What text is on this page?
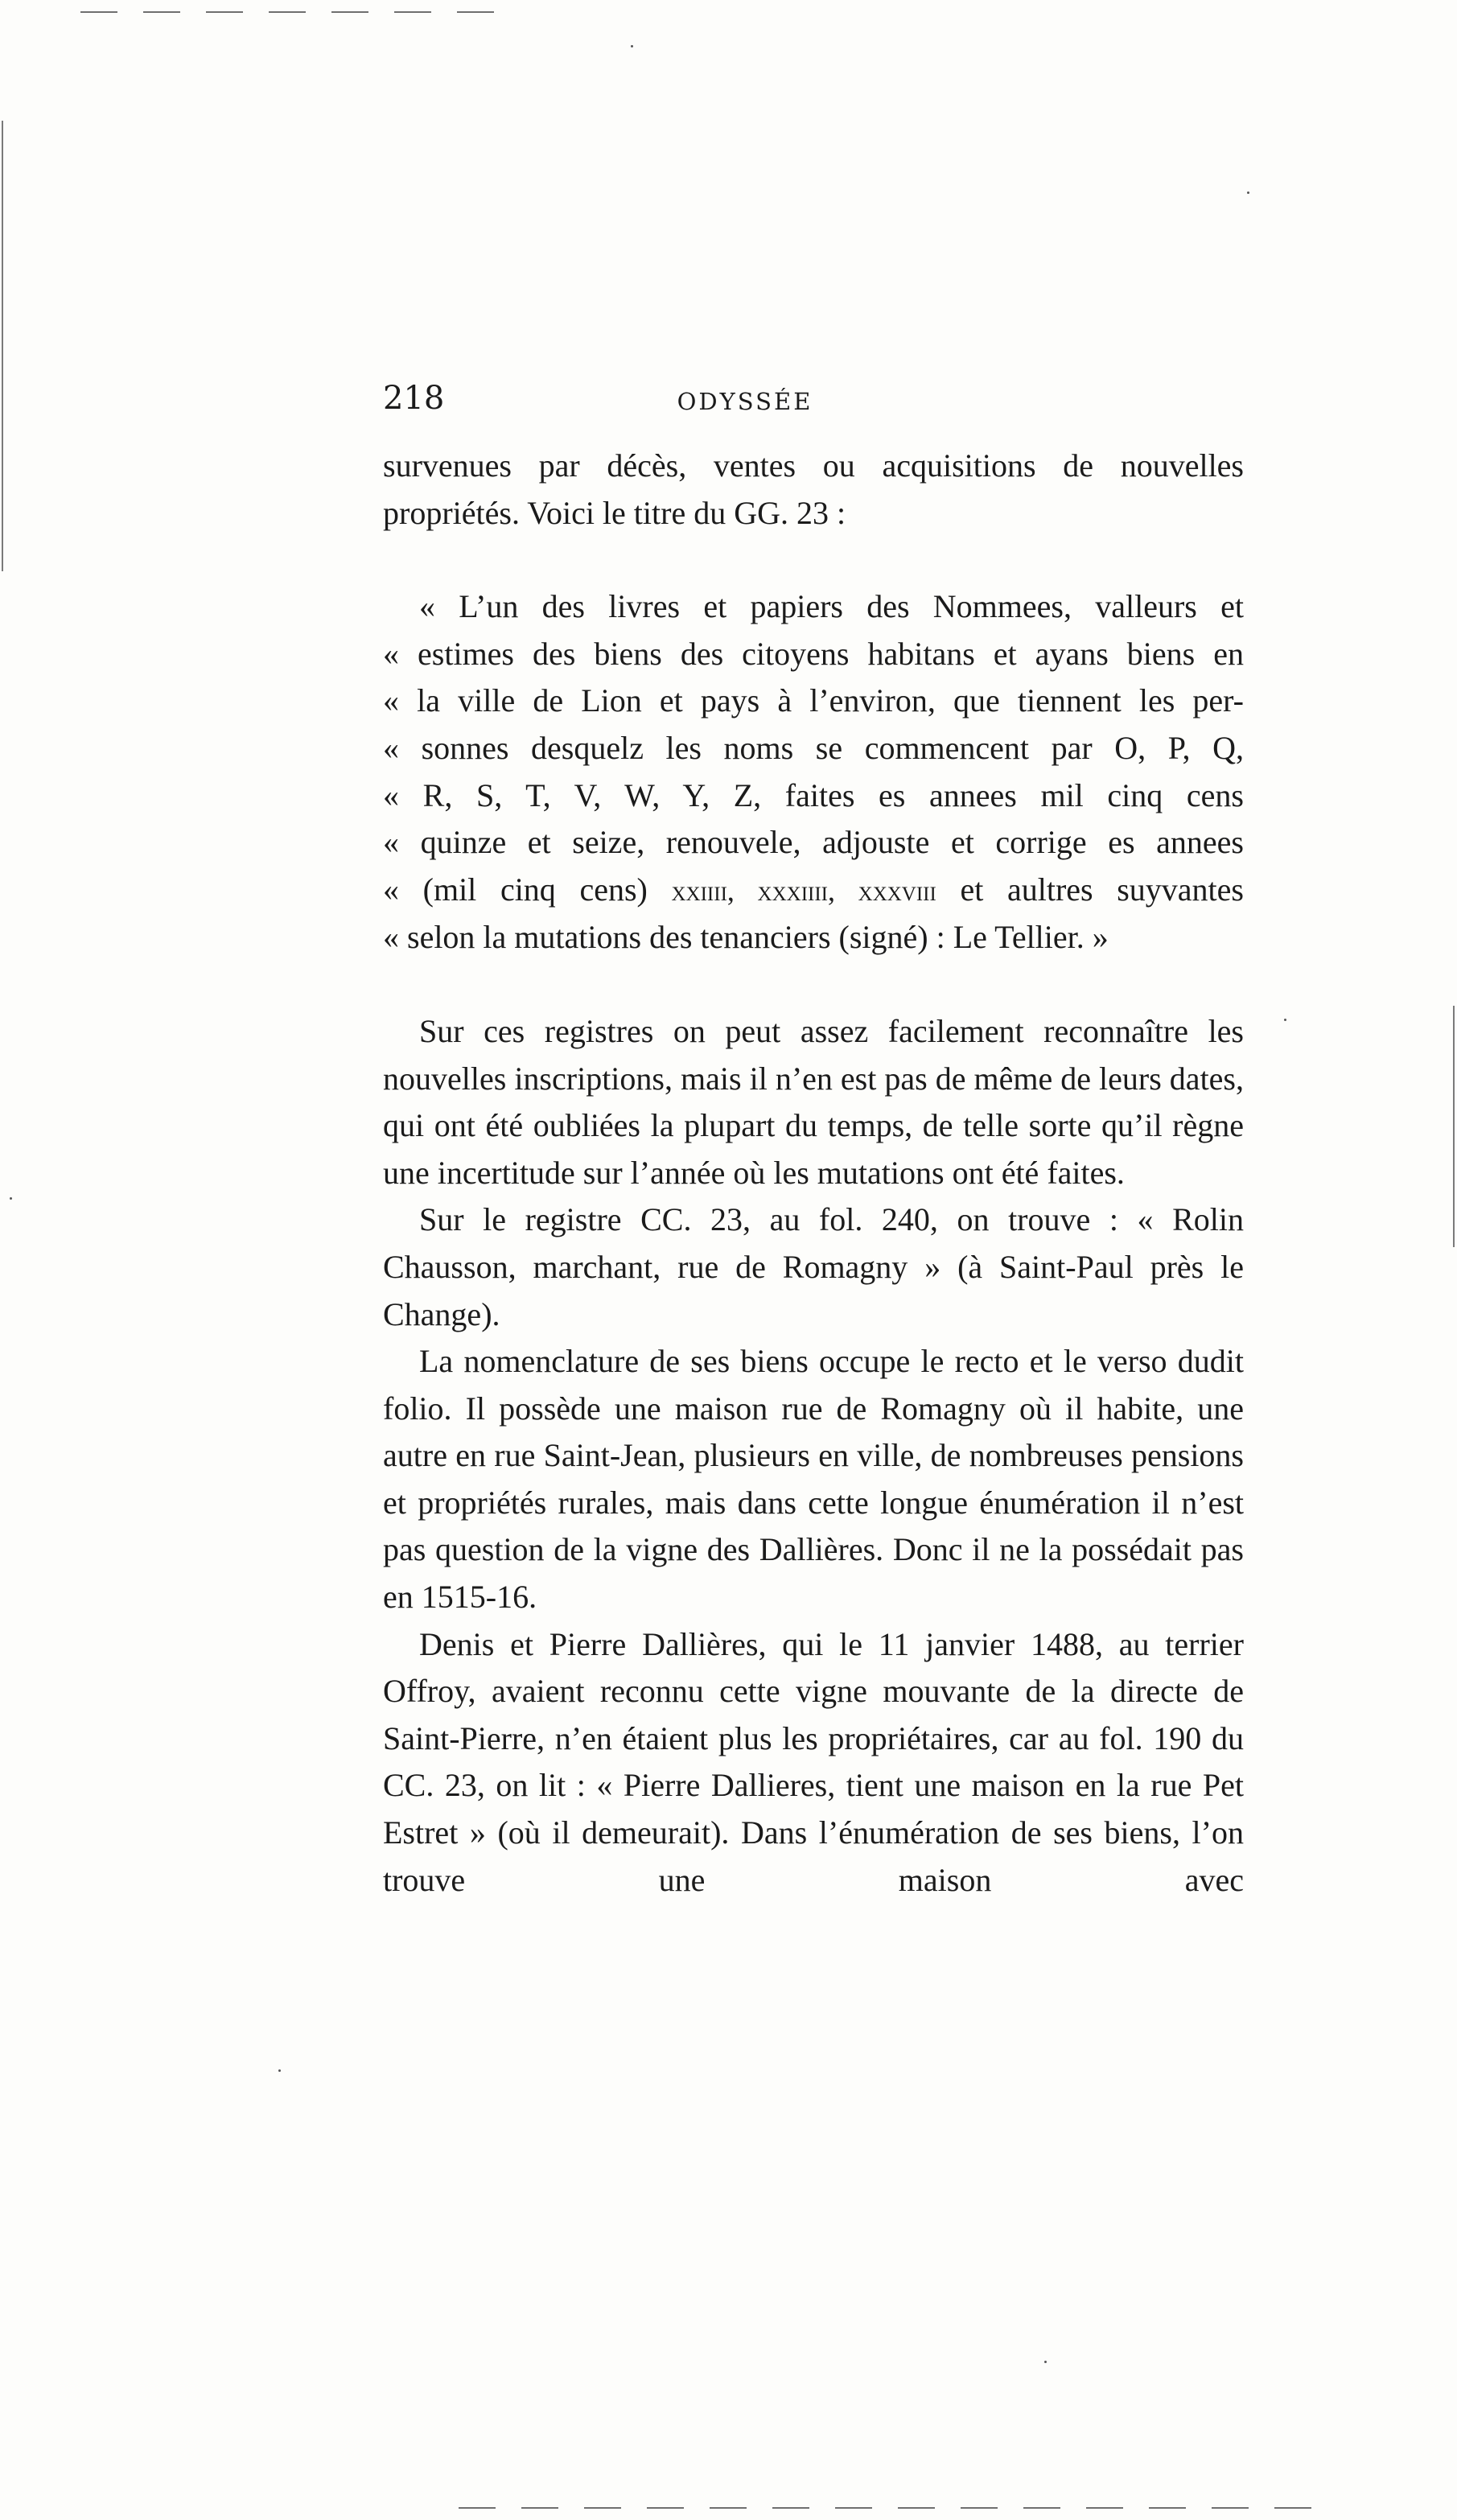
218	ODYSSÉE

survenues par décès, ventes ou acquisitions de nouvelles propriétés. Voici le titre du GG. 23 :

« L’un des livres et papiers des Nommees, valleurs et
« estimes des biens des citoyens habitans et ayans biens en
« la ville de Lion et pays à l’environ, que tiennent les per-
« sonnes desquelz les noms se commencent par O, P, Q,
« R, S, T, V, W, Y, Z, faites es annees mil cinq cens
« quinze et seize, renouvele, adjouste et corrige es annees
« (mil cinq cens) xxiiii, xxxiiii, xxxviii et aultres suyvantes
« selon la mutations des tenanciers (signé) : Le Tellier. »

Sur ces registres on peut assez facilement reconnaître les nouvelles inscriptions, mais il n’en est pas de même de leurs dates, qui ont été oubliées la plupart du temps, de telle sorte qu’il règne une incertitude sur l’année où les mutations ont été faites.

Sur le registre CC. 23, au fol. 240, on trouve : « Rolin Chausson, marchant, rue de Romagny » (à Saint-Paul près le Change).

La nomenclature de ses biens occupe le recto et le verso dudit folio. Il possède une maison rue de Romagny où il habite, une autre en rue Saint-Jean, plusieurs en ville, de nombreuses pensions et propriétés rurales, mais dans cette longue énumération il n’est pas question de la vigne des Dallières. Donc il ne la possédait pas en 1515-16.

Denis et Pierre Dallières, qui le 11 janvier 1488, au terrier Offroy, avaient reconnu cette vigne mouvante de la directe de Saint-Pierre, n’en étaient plus les propriétaires, car au fol. 190 du CC. 23, on lit : « Pierre Dallieres, tient une maison en la rue Pet Estret » (où il demeurait). Dans l’énumération de ses biens, l’on trouve une maison avec
